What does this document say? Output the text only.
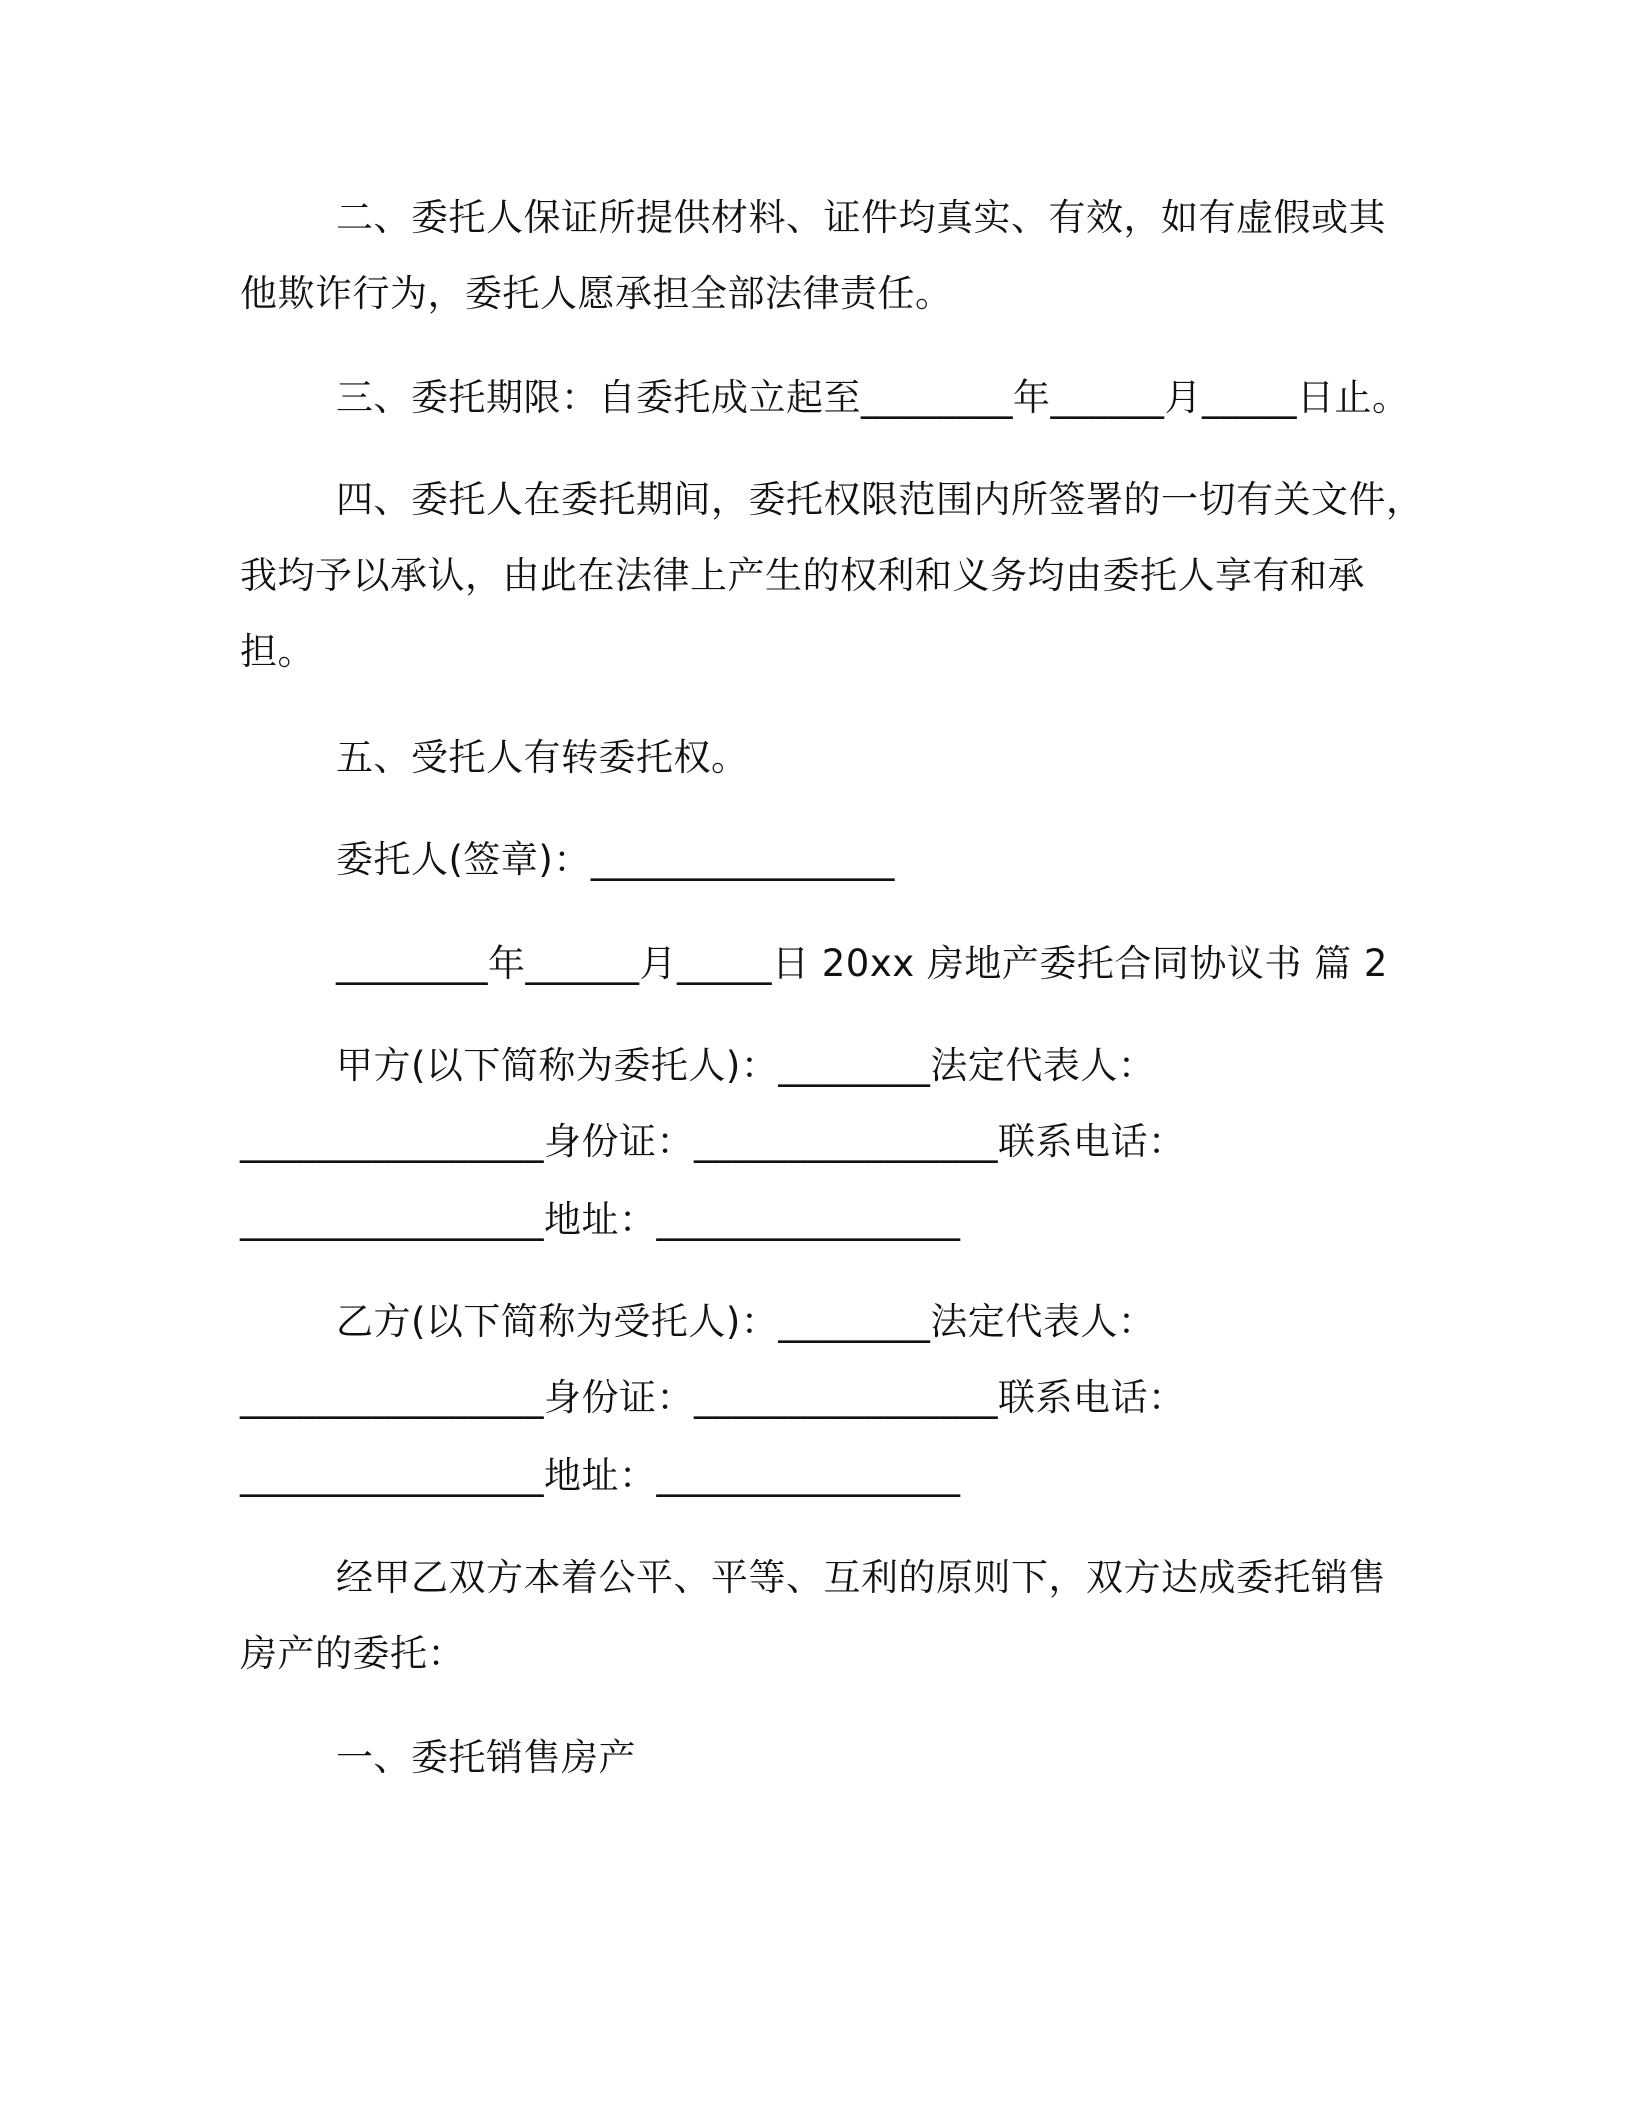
二、委托人保证所提供材料、证件均真实、有效，如有虚假或其
他欺诈行为，委托人愿承担全部法律责任。
三、委托期限：自委托成立起至________年______月_____日止。
四、委托人在委托期间，委托权限范围内所签署的一切有关文件，
我均予以承认，由此在法律上产生的权利和义务均由委托人享有和承
担。
五、受托人有转委托权。
委托人(签章)：________________
________年______月_____日 20xx 房地产委托合同协议书 篇 2
甲方(以下简称为委托人)：________法定代表人：
________________身份证：________________联系电话：
________________地址：________________
乙方(以下简称为受托人)：________法定代表人：
________________身份证：________________联系电话：
________________地址：________________
经甲乙双方本着公平、平等、互利的原则下，双方达成委托销售
房产的委托：
一、委托销售房产
